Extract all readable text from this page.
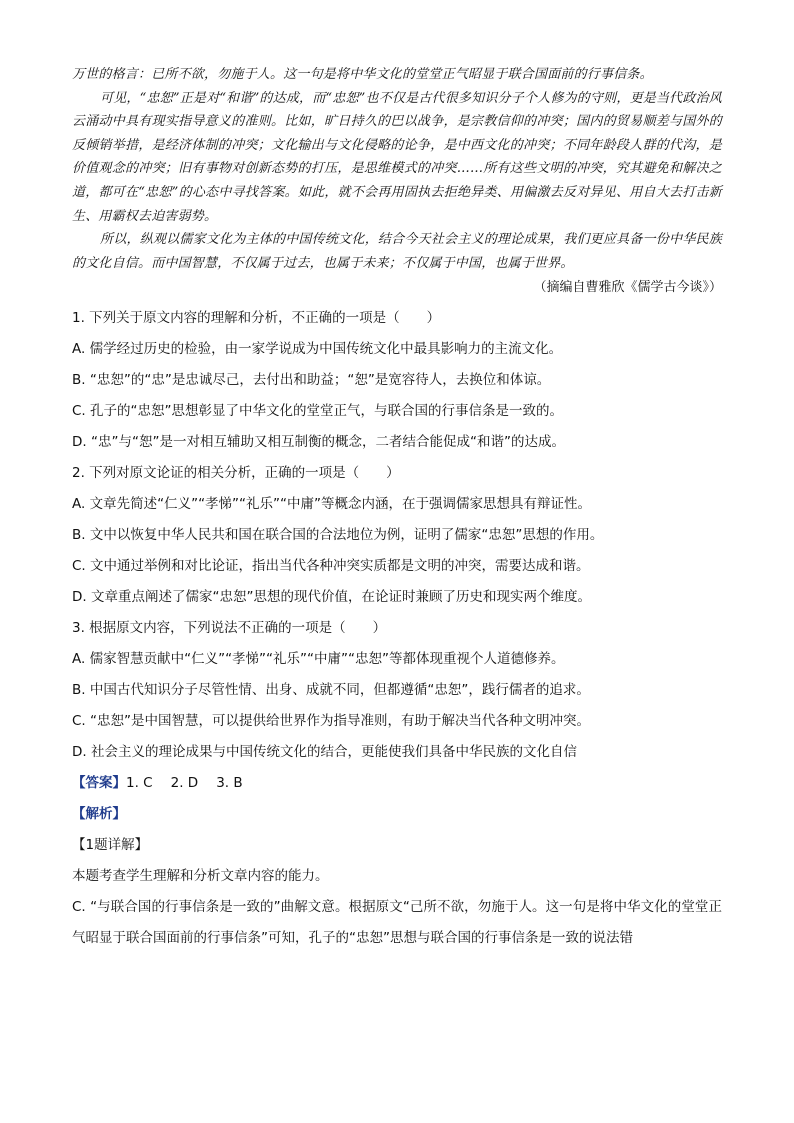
万世的格言：已所不欲，勿施于人。这一句是将中华文化的堂堂正气昭显于联合国面前的行事信条。

可见，“忠恕”正是对“和谐”的达成，而“忠恕”也不仅是古代很多知识分子个人修为的守则，更是当代政治风云涌动中具有现实指导意义的准则。比如，旷日持久的巴以战争，是宗教信仰的冲突；国内的贸易顺差与国外的反倾销举措，是经济体制的冲突；文化输出与文化侵略的论争，是中西文化的冲突；不同年龄段人群的代沟，是价值观念的冲突；旧有事物对创新态势的打压，是思维模式的冲突……所有这些文明的冲突，究其避免和解决之道，都可在“忠恕”的心态中寻找答案。如此，就不会再用固执去拒绝异类、用偏激去反对异见、用自大去打击新生、用霸权去迫害弱势。

所以，纵观以儒家文化为主体的中国传统文化，结合今天社会主义的理论成果，我们更应具备一份中华民族的文化自信。而中国智慧，不仅属于过去，也属于未来；不仅属于中国，也属于世界。

（摘编自曹雅欣《儒学古今谈》）

1. 下列关于原文内容的理解和分析，不正确的一项是（　　）

A. 儒学经过历史的检验，由一家学说成为中国传统文化中最具影响力的主流文化。

B. “忠恕”的“忠”是忠诚尽己，去付出和助益；“恕”是宽容待人，去换位和体谅。

C. 孔子的“忠恕”思想彰显了中华文化的堂堂正气，与联合国的行事信条是一致的。

D. “忠”与“恕”是一对相互辅助又相互制衡的概念，二者结合能促成“和谐”的达成。

2. 下列对原文论证的相关分析，正确的一项是（　　）

A. 文章先简述“仁义”“孝悌”“礼乐”“中庸”等概念内涵，在于强调儒家思想具有辩证性。

B. 文中以恢复中华人民共和国在联合国的合法地位为例，证明了儒家“忠恕”思想的作用。

C. 文中通过举例和对比论证，指出当代各种冲突实质都是文明的冲突，需要达成和谐。

D. 文章重点阐述了儒家“忠恕”思想的现代价值，在论证时兼顾了历史和现实两个维度。

3. 根据原文内容，下列说法不正确的一项是（　　）

A. 儒家智慧贡献中“仁义”“孝悌”“礼乐”“中庸”“忠恕”等都体现重视个人道德修养。

B. 中国古代知识分子尽管性情、出身、成就不同，但都遵循“忠恕”，践行儒者的追求。

C. “忠恕”是中国智慧，可以提供给世界作为指导准则，有助于解决当代各种文明冲突。

D. 社会主义的理论成果与中国传统文化的结合，更能使我们具备中华民族的文化自信

【答案】1. C 2. D 3. B

【解析】

【1题详解】

本题考查学生理解和分析文章内容的能力。

C. “与联合国的行事信条是一致的”曲解文意。根据原文“己所不欲，勿施于人。这一句是将中华文化的堂堂正气昭显于联合国面前的行事信条”可知，孔子的“忠恕”思想与联合国的行事信条是一致的说法错
